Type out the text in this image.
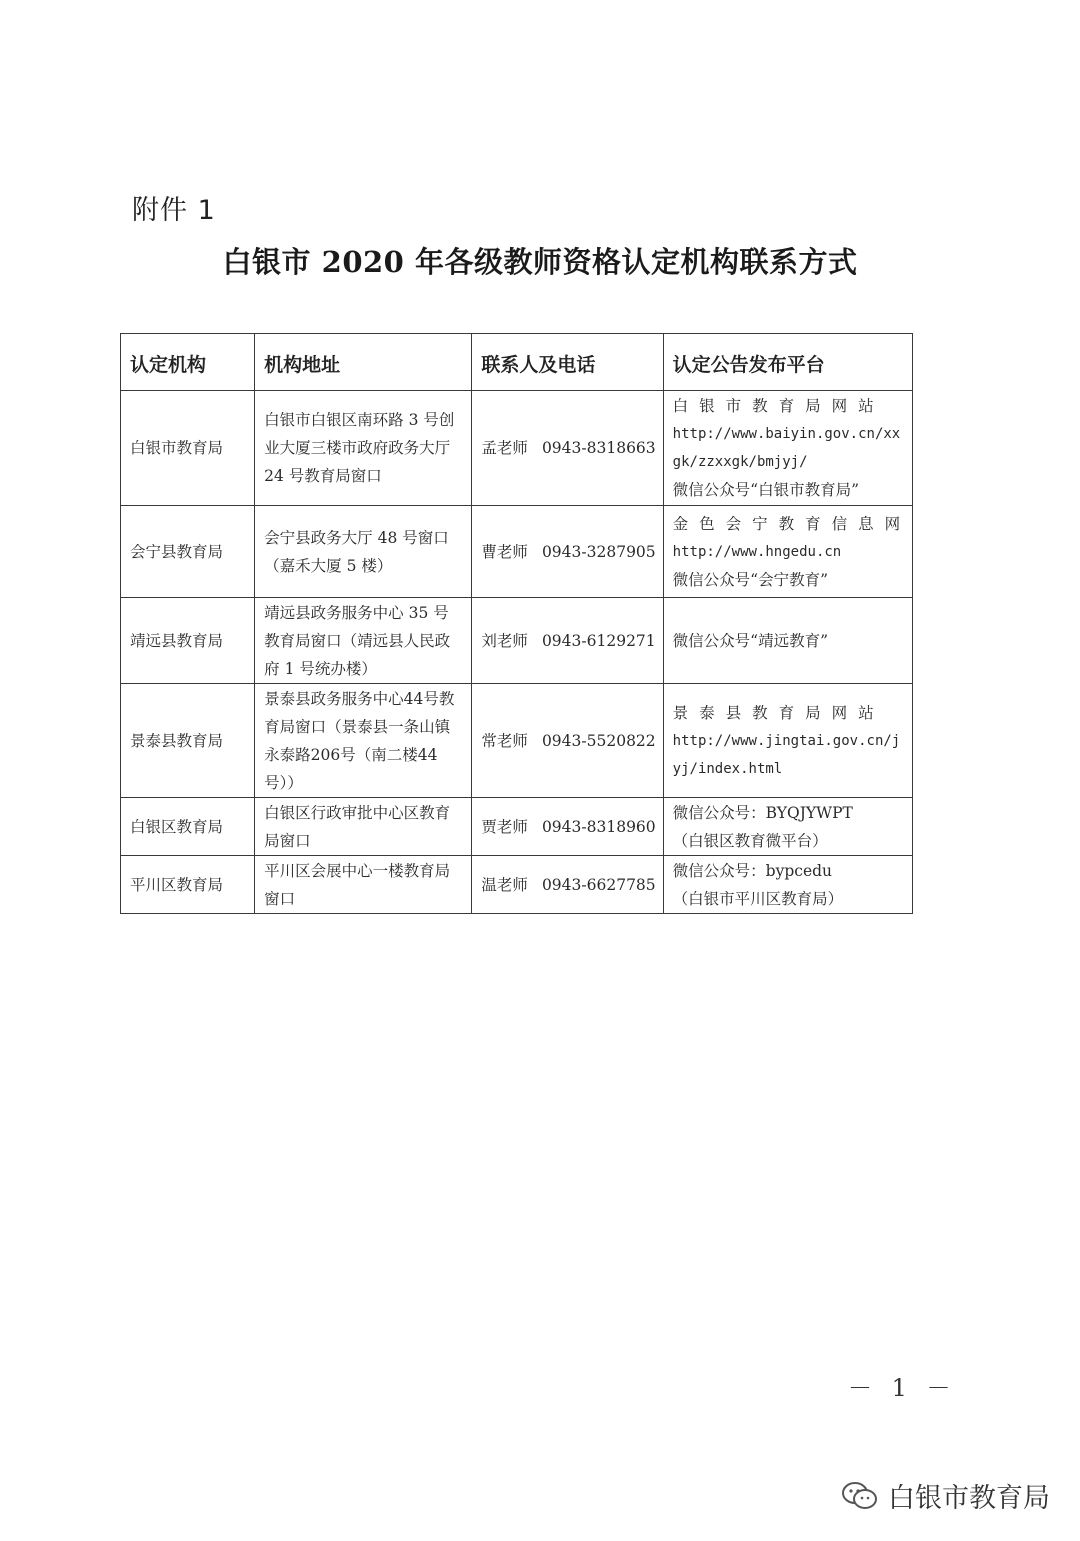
附件 1
白银市 2020 年各级教师资格认定机构联系方式
认定机构	机构地址	联系人及电话	认定公告发布平台
白银市教育局	白银市白银区南环路 3 号创业大厦三楼市政府政务大厅 24 号教育局窗口	孟老师 0943-8318663	白银市教育局网站
http://www.baiyin.gov.cn/xxgk/zzxxgk/bmjyj/
微信公众号“白银市教育局”

会宁县教育局	会宁县政务大厅 48 号窗口（嘉禾大厦 5 楼）	曹老师 0943-3287905	金色会宁教育信息网
http://www.hngedu.cn
微信公众号“会宁教育”

靖远县教育局	靖远县政务服务中心 35 号教育局窗口（靖远县人民政府 1 号统办楼）	刘老师 0943-6129271	微信公众号“靖远教育”

景泰县教育局	景泰县政务服务中心44号教育局窗口（景泰县一条山镇永泰路206号（南二楼44号））	常老师 0943-5520822	景泰县教育局网站
http://www.jingtai.gov.cn/jyj/index.html

白银区教育局	白银区行政审批中心区教育局窗口	贾老师 0943-8318960	微信公众号：BYQJYWPT
（白银区教育微平台）

平川区教育局	平川区会展中心一楼教育局窗口	温老师 0943-6627785	微信公众号：bypcedu
（白银市平川区教育局）
－ 1 －
白银市教育局
